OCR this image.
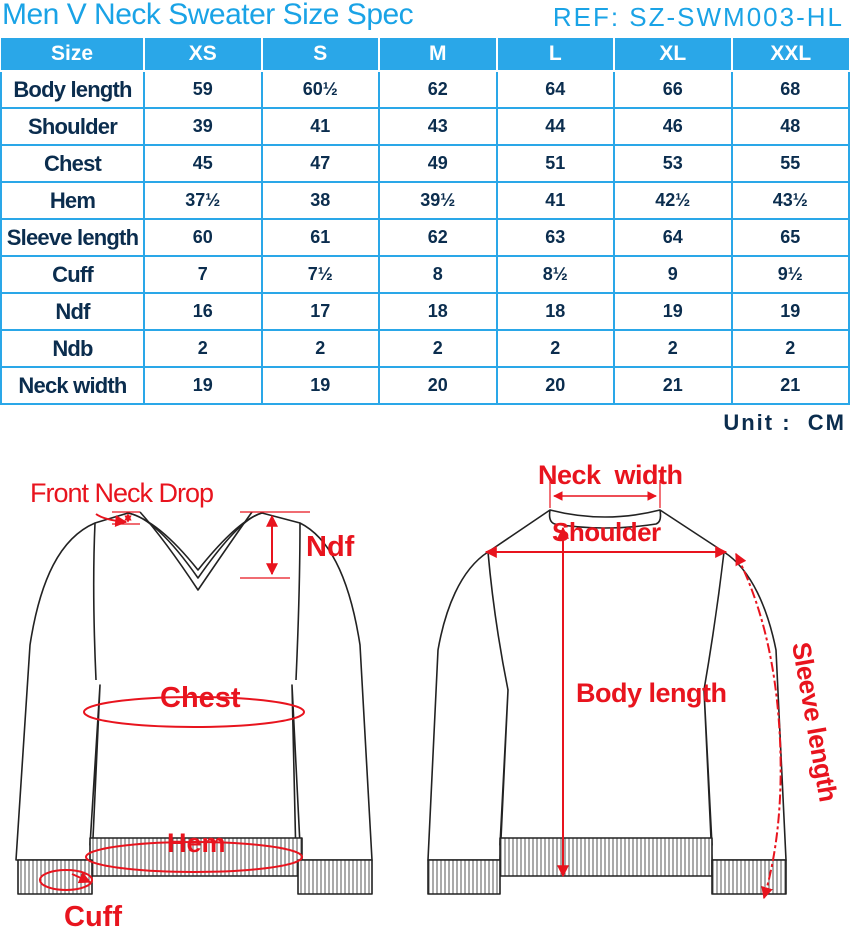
Men V Neck Sweater Size Spec	REF: SZ-SWM003-HL
Size	XS	S	M	L	XL	XXL
Body length	59	60½	62	64	66	68
Shoulder	39	41	43	44	46	48
Chest	45	47	49	51	53	55
Hem	37½	38	39½	41	42½	43½
Sleeve length	60	61	62	63	64	65
Cuff	7	7½	8	8½	9	9½
Ndf	16	17	18	18	19	19
Ndb	2	2	2	2	2	2
Neck width	19	19	20	20	21	21
Unit :  CM
Front Neck Drop
Ndf
Chest
Hem
Cuff
Neck  width
Shoulder
Body length Sleeve length
